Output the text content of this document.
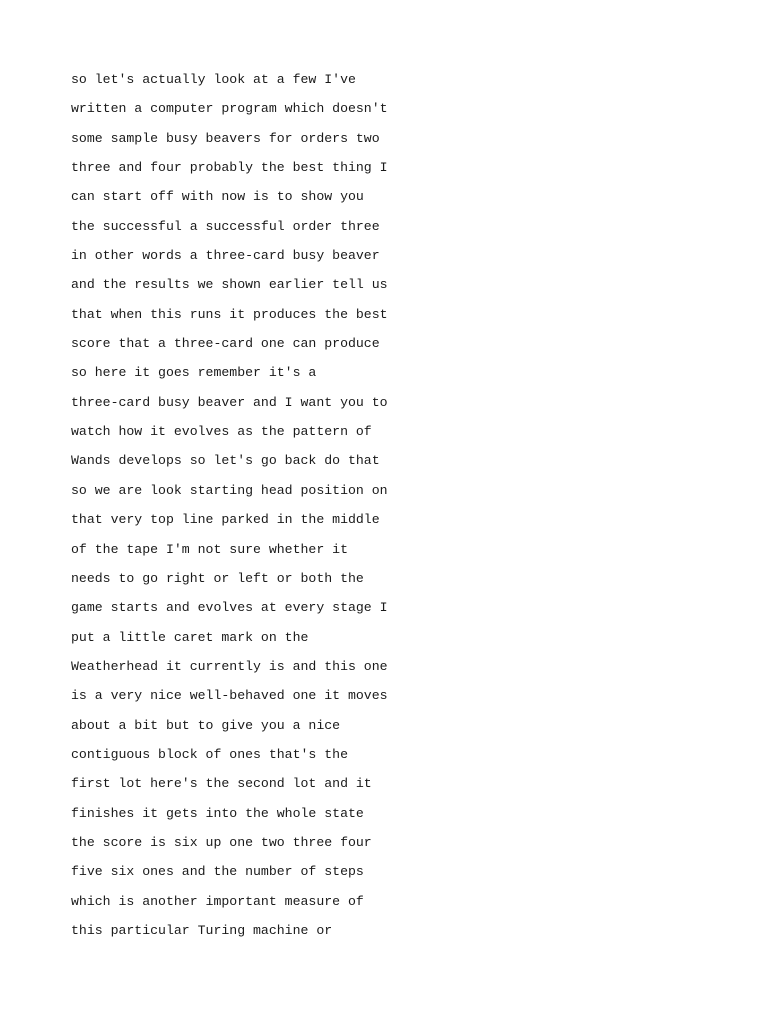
so let's actually look at a few I've
written a computer program which doesn't
some sample busy beavers for orders two
three and four probably the best thing I
can start off with now is to show you
the successful a successful order three
in other words a three-card busy beaver
and the results we shown earlier tell us
that when this runs it produces the best
score that a three-card one can produce
so here it goes remember it's a
three-card busy beaver and I want you to
watch how it evolves as the pattern of
Wands develops so let's go back do that
so we are look starting head position on
that very top line parked in the middle
of the tape I'm not sure whether it
needs to go right or left or both the
game starts and evolves at every stage I
put a little caret mark on the
Weatherhead it currently is and this one
is a very nice well-behaved one it moves
about a bit but to give you a nice
contiguous block of ones that's the
first lot here's the second lot and it
finishes it gets into the whole state
the score is six up one two three four
five six ones and the number of steps
which is another important measure of
this particular Turing machine or
